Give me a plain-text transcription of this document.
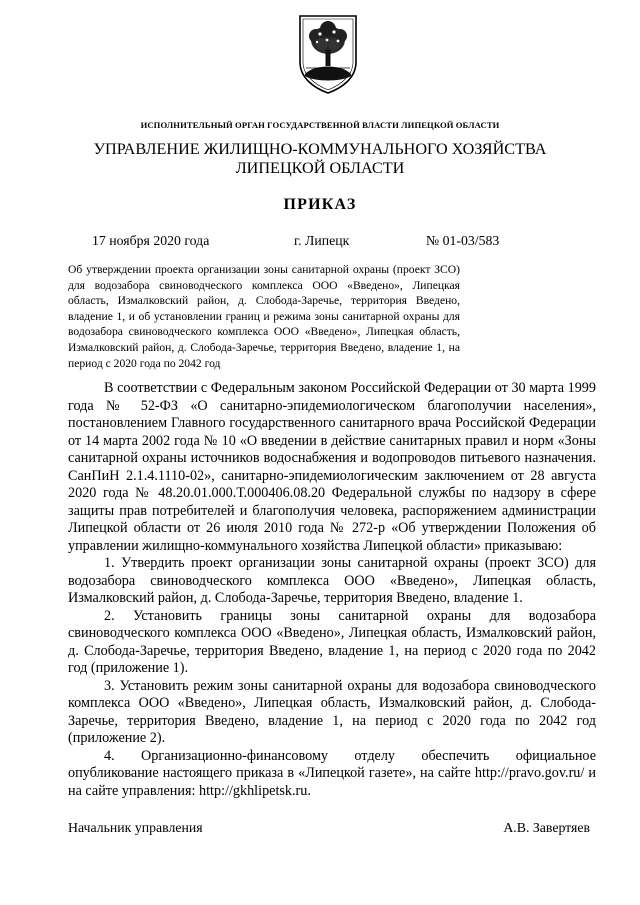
ИСПОЛНИТЕЛЬНЫЙ ОРГАН ГОСУДАРСТВЕННОЙ ВЛАСТИ ЛИПЕЦКОЙ ОБЛАСТИ
УПРАВЛЕНИЕ ЖИЛИЩНО-КОММУНАЛЬНОГО ХОЗЯЙСТВА
ЛИПЕЦКОЙ ОБЛАСТИ
ПРИКАЗ
17 ноября 2020 года	г. Липецк	№ 01-03/583
Об утверждении проекта организации зоны санитарной охраны (проект ЗСО) для водозабора свиноводческого комплекса ООО «Введено», Липецкая область, Измалковский район, д. Слобода-Заречье, территория Введено, владение 1, и об установлении границ и режима зоны санитарной охраны для водозабора свиноводческого комплекса ООО «Введено», Липецкая область, Измалковский район, д. Слобода-Заречье, территория Введено, владение 1, на период с 2020 года по 2042 год

В соответствии с Федеральным законом Российской Федерации от 30 марта 1999 года № 52-ФЗ «О санитарно-эпидемиологическом благополучии населения», постановлением Главного государственного санитарного врача Российской Федерации от 14 марта 2002 года № 10 «О введении в действие санитарных правил и норм «Зоны санитарной охраны источников водоснабжения и водопроводов питьевого назначения. СанПиН 2.1.4.1110-02», санитарно-эпидемиологическим заключением от 28 августа 2020 года № 48.20.01.000.Т.000406.08.20 Федеральной службы по надзору в сфере защиты прав потребителей и благополучия человека, распоряжением администрации Липецкой области от 26 июля 2010 года № 272-р «Об утверждении Положения об управлении жилищно-коммунального хозяйства Липецкой области» приказываю:

1. Утвердить проект организации зоны санитарной охраны (проект ЗСО) для водозабора свиноводческого комплекса ООО «Введено», Липецкая область, Измалковский район, д. Слобода-Заречье, территория Введено, владение 1.

2. Установить границы зоны санитарной охраны для водозабора свиноводческого комплекса ООО «Введено», Липецкая область, Измалковский район, д. Слобода-Заречье, территория Введено, владение 1, на период с 2020 года по 2042 год (приложение 1).

3. Установить режим зоны санитарной охраны для водозабора свиноводческого комплекса ООО «Введено», Липецкая область, Измалковский район, д. Слобода-Заречье, территория Введено, владение 1, на период с 2020 года по 2042 год (приложение 2).

4. Организационно-финансовому отделу обеспечить официальное опубликование настоящего приказа в «Липецкой газете», на сайте http://pravo.gov.ru/ и на сайте управления: http://gkhlipetsk.ru.

Начальник управления	А.В. Завертяев
